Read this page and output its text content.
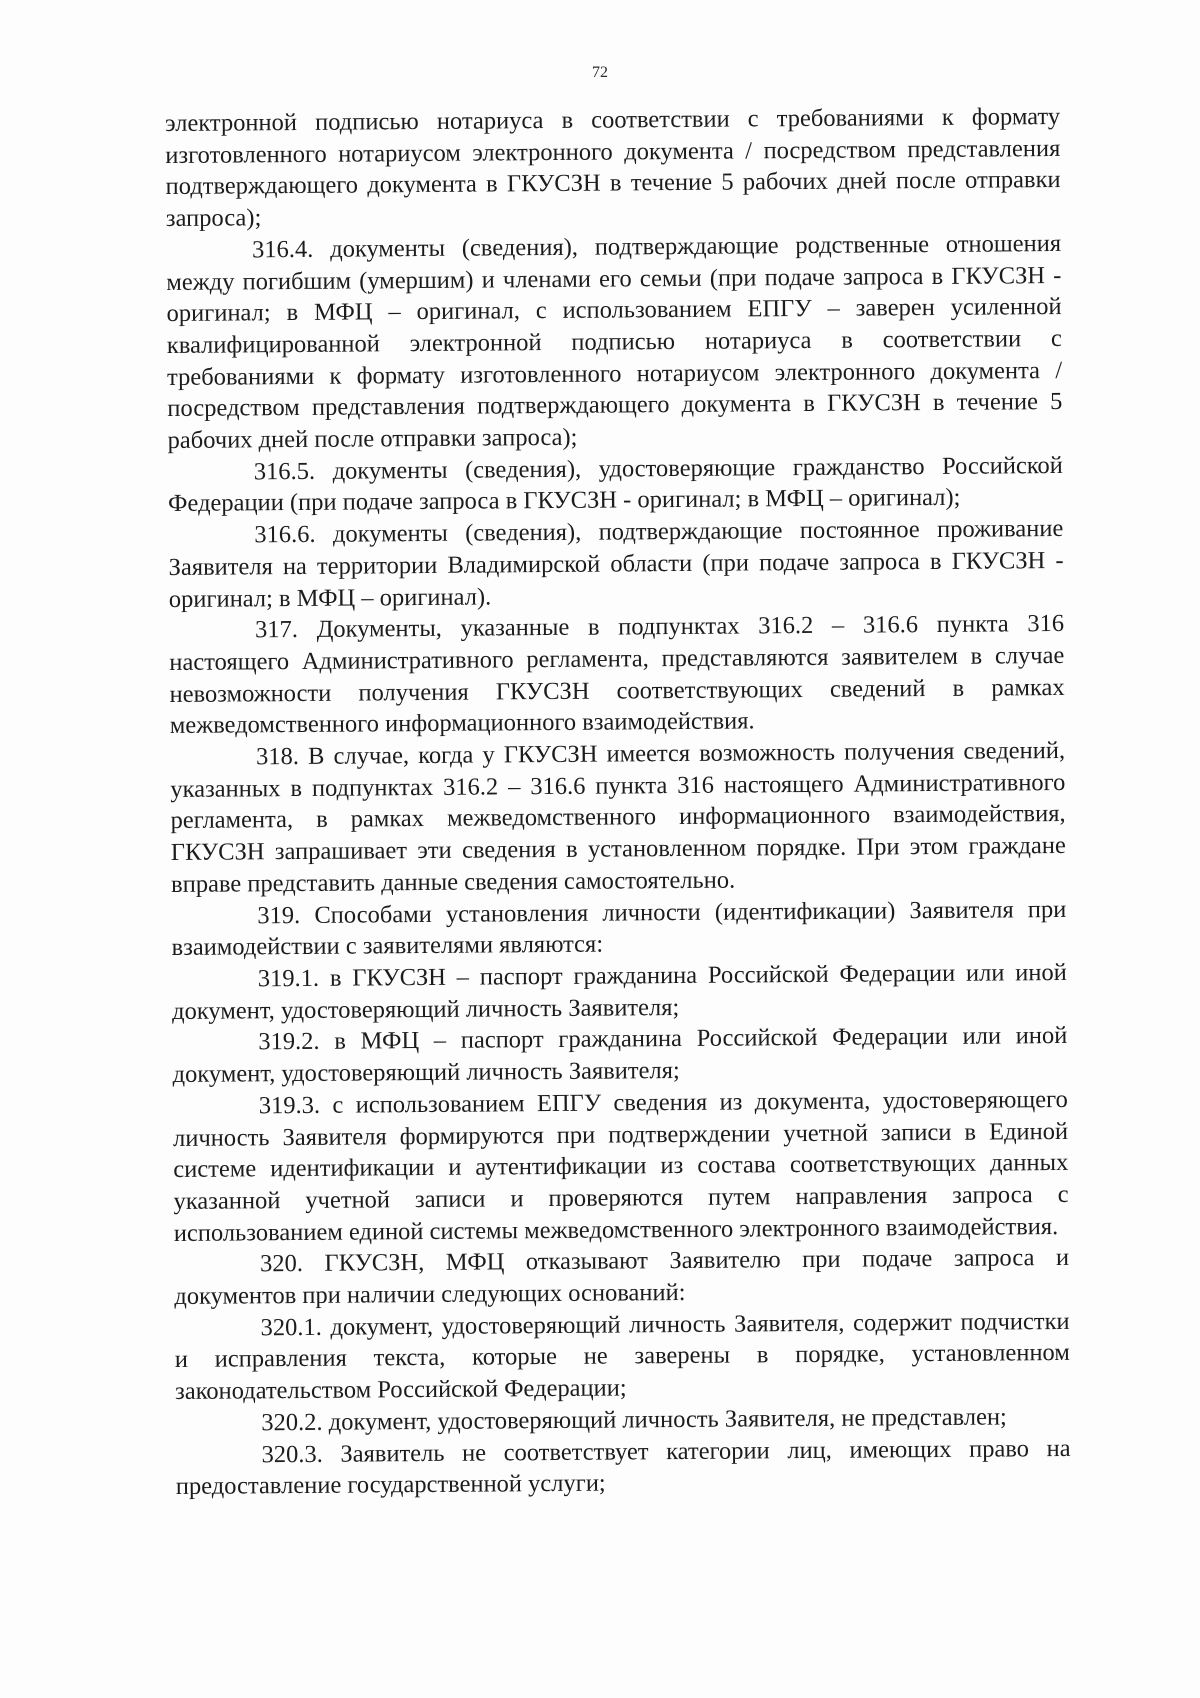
72

электронной подписью нотариуса в соответствии с требованиями к формату изготовленного нотариусом электронного документа / посредством представления подтверждающего документа в ГКУСЗН в течение 5 рабочих дней после отправки запроса);

316.4. документы (сведения), подтверждающие родственные отношения между погибшим (умершим) и членами его семьи (при подаче запроса в ГКУСЗН - оригинал; в МФЦ – оригинал, с использованием ЕПГУ – заверен усиленной квалифицированной электронной подписью нотариуса в соответствии с требованиями к формату изготовленного нотариусом электронного документа / посредством представления подтверждающего документа в ГКУСЗН в течение 5 рабочих дней после отправки запроса);

316.5. документы (сведения), удостоверяющие гражданство Российской Федерации (при подаче запроса в ГКУСЗН - оригинал; в МФЦ – оригинал);

316.6. документы (сведения), подтверждающие постоянное проживание Заявителя на территории Владимирской области (при подаче запроса в ГКУСЗН - оригинал; в МФЦ – оригинал).

317. Документы, указанные в подпунктах 316.2 – 316.6 пункта 316 настоящего Административного регламента, представляются заявителем в случае невозможности получения ГКУСЗН соответствующих сведений в рамках межведомственного информационного взаимодействия.

318. В случае, когда у ГКУСЗН имеется возможность получения сведений, указанных в подпунктах 316.2 – 316.6 пункта 316 настоящего Административного регламента, в рамках межведомственного информационного взаимодействия, ГКУСЗН запрашивает эти сведения в установленном порядке. При этом граждане вправе представить данные сведения самостоятельно.

319. Способами установления личности (идентификации) Заявителя при взаимодействии с заявителями являются:

319.1. в ГКУСЗН – паспорт гражданина Российской Федерации или иной документ, удостоверяющий личность Заявителя;

319.2. в МФЦ – паспорт гражданина Российской Федерации или иной документ, удостоверяющий личность Заявителя;

319.3. с использованием ЕПГУ сведения из документа, удостоверяющего личность Заявителя формируются при подтверждении учетной записи в Единой системе идентификации и аутентификации из состава соответствующих данных указанной учетной записи и проверяются путем направления запроса с использованием единой системы межведомственного электронного взаимодействия.

320. ГКУСЗН, МФЦ отказывают Заявителю при подаче запроса и документов при наличии следующих оснований:

320.1. документ, удостоверяющий личность Заявителя, содержит подчистки и исправления текста, которые не заверены в порядке, установленном законодательством Российской Федерации;

320.2. документ, удостоверяющий личность Заявителя, не представлен;

320.3. Заявитель не соответствует категории лиц, имеющих право на предоставление государственной услуги;
